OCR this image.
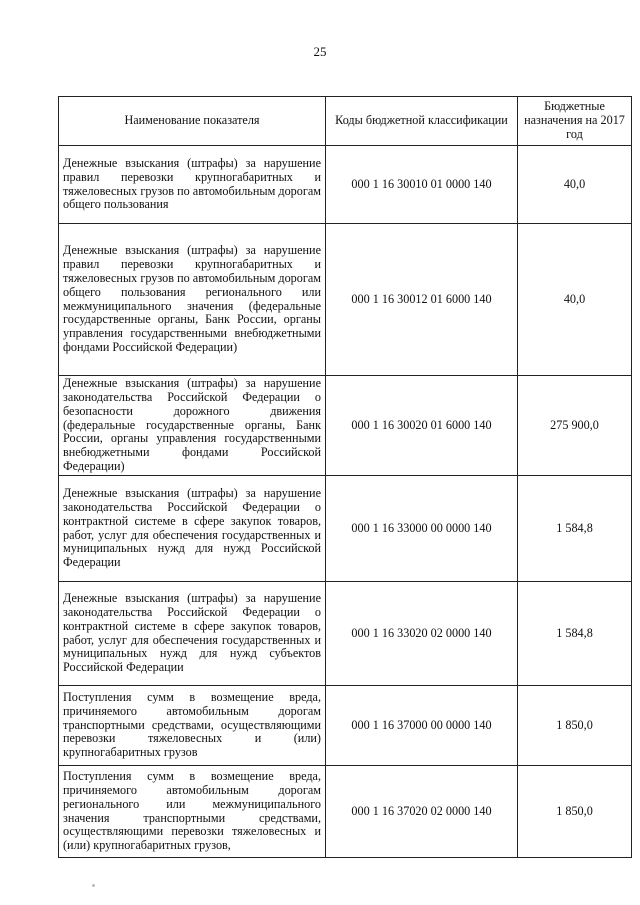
25
Наименование показателя	Коды бюджетной классификации	Бюджетные назначения на 2017 год
Денежные взыскания (штрафы) за нарушение правил перевозки крупногабаритных и тяжеловесных грузов по автомобильным дорогам общего пользования	000 1 16 30010 01 0000 140	40,0
Денежные взыскания (штрафы) за нарушение правил перевозки крупногабаритных и тяжеловесных грузов по автомобильным дорогам общего пользования регионального или межмуниципального значения (федеральные государственные органы, Банк России, органы управления государственными внебюджетными фондами Российской Федерации)	000 1 16 30012 01 6000 140	40,0
Денежные взыскания (штрафы) за нарушение законодательства Российской Федерации о безопасности дорожного движения (федеральные государственные органы, Банк России, органы управления государственными внебюджетными фондами Российской Федерации)	000 1 16 30020 01 6000 140	275 900,0
Денежные взыскания (штрафы) за нарушение законодательства Российской Федерации о контрактной системе в сфере закупок товаров, работ, услуг для обеспечения государственных и муниципальных нужд для нужд Российской Федерации	000 1 16 33000 00 0000 140	1 584,8
Денежные взыскания (штрафы) за нарушение законодательства Российской Федерации о контрактной системе в сфере закупок товаров, работ, услуг для обеспечения государственных и муниципальных нужд для нужд субъектов Российской Федерации	000 1 16 33020 02 0000 140	1 584,8
Поступления сумм в возмещение вреда, причиняемого автомобильным дорогам транспортными средствами, осуществляющими перевозки тяжеловесных и (или) крупногабаритных грузов	000 1 16 37000 00 0000 140	1 850,0
Поступления сумм в возмещение вреда, причиняемого автомобильным дорогам регионального или межмуниципального значения транспортными средствами, осуществляющими перевозки тяжеловесных и (или) крупногабаритных грузов,	000 1 16 37020 02 0000 140	1 850,0
